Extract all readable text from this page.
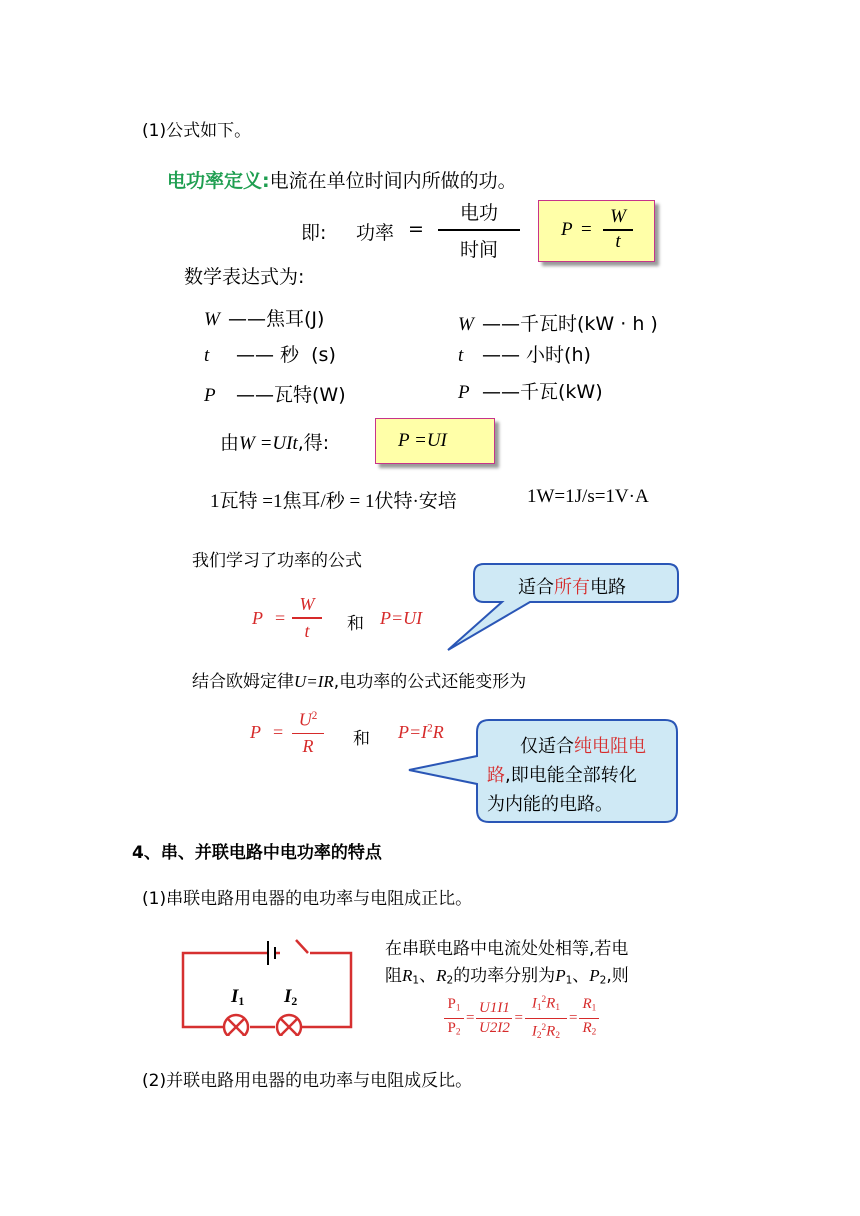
(1)公式如下。
电功率定义:电流在单位时间内所做的功。
即: 功率 =
电功
时间
P =
W
t
数学表达式为:
W ——焦耳(J)
t —— 秒  (s)
P ——瓦特(W)
W ——千瓦时(kW · h )
t —— 小时(h)
P ——千瓦(kW)
由W =UIt,得:	P =UI
1瓦特 =1焦耳/秒 = 1伏特·安培	1W=1J/s=1V·A
我们学习了功率的公式
适合所有电路
P =
W
t 和 P=UI
结合欧姆定律U=IR,电功率的公式还能变形为
P =
$U^2$
R 和 $P=I^2R$
仅适合纯电阻电
路,即电能全部转化
为内能的电路。
4、串、并联电路中电功率的特点
(1)串联电路用电器的电功率与电阻成正比。
$I_1$ $I_2$
在串联电路中电流处处相等,若电
阻$R_1$、$R_2$的功率分别为$P_1$、$P_2$,则
$\frac{P_1}{P_2} = \frac{U1I1}{U2I2} = \frac{I_1^2R_1}{I_2^2R_2} = \frac{R_1}{R_2}$
(2)并联电路用电器的电功率与电阻成反比。
